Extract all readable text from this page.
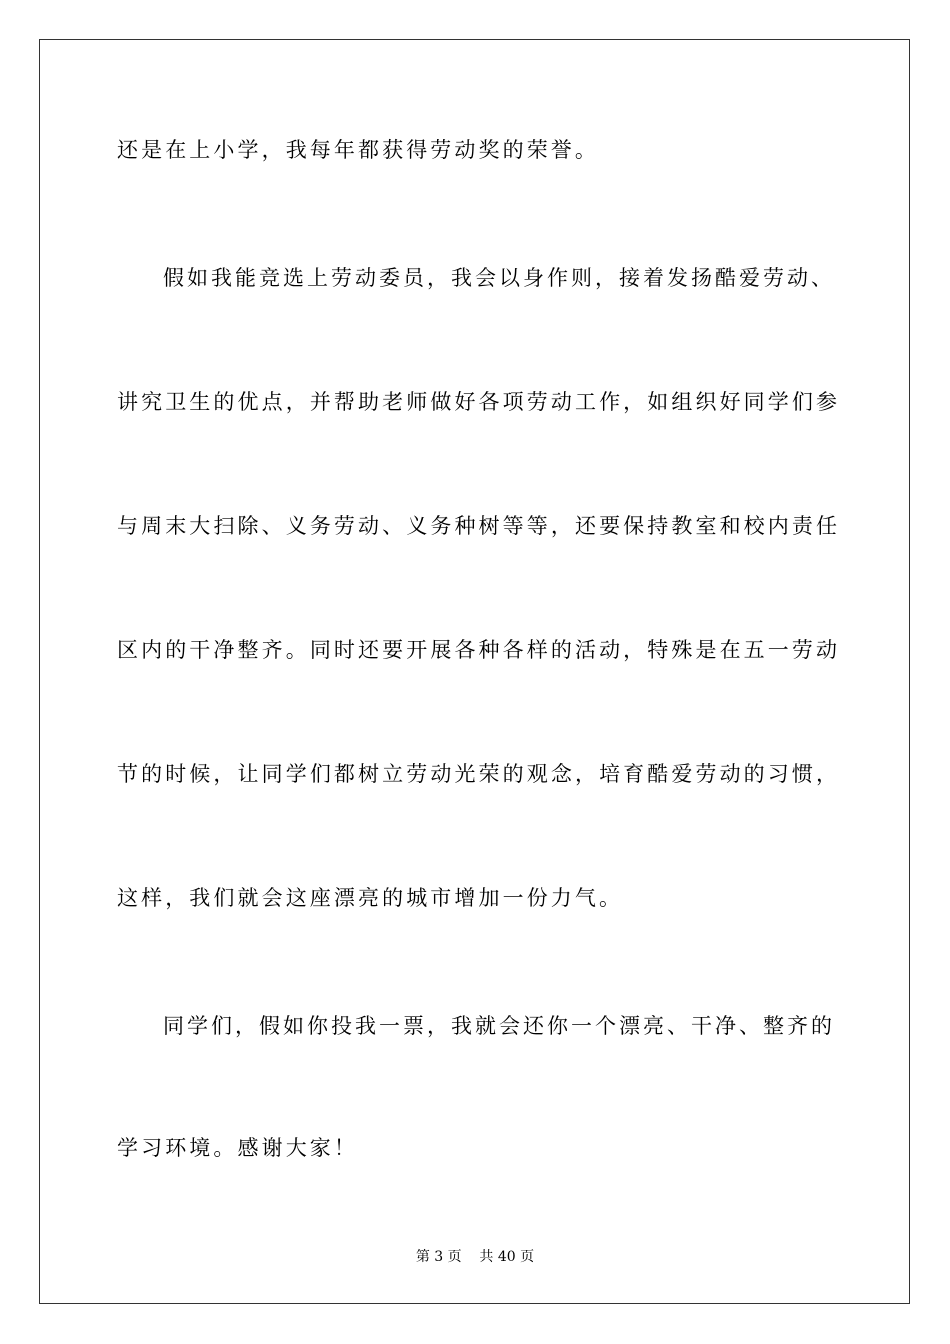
还是在上小学，我每年都获得劳动奖的荣誉。
假如我能竞选上劳动委员，我会以身作则，接着发扬酷爱劳动、
讲究卫生的优点，并帮助老师做好各项劳动工作，如组织好同学们参
与周末大扫除、义务劳动、义务种树等等，还要保持教室和校内责任
区内的干净整齐。同时还要开展各种各样的活动，特殊是在五一劳动
节的时候，让同学们都树立劳动光荣的观念，培育酷爱劳动的习惯，
这样，我们就会这座漂亮的城市增加一份力气。
同学们，假如你投我一票，我就会还你一个漂亮、干净、整齐的
学习环境。感谢大家！
第 3 页    共 40 页
